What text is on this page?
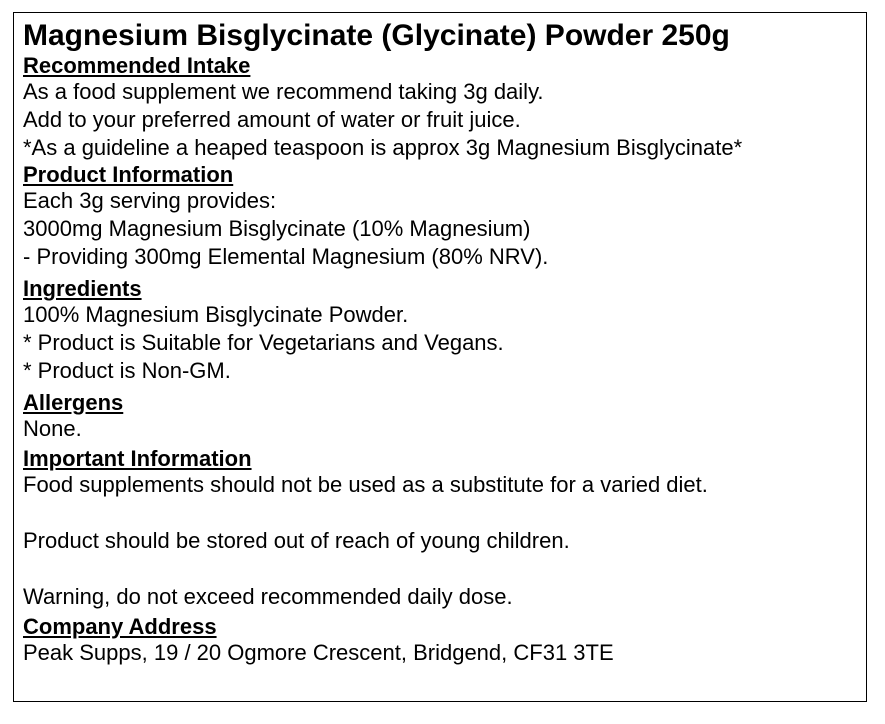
Magnesium Bisglycinate (Glycinate) Powder 250g
Recommended Intake

As a food supplement we recommend taking 3g daily.

Add to your preferred amount of water or fruit juice.

*As a guideline a heaped teaspoon is approx 3g Magnesium Bisglycinate*

Product Information

Each 3g serving provides:

3000mg Magnesium Bisglycinate (10% Magnesium)

- Providing 300mg Elemental Magnesium (80% NRV).

Ingredients

100% Magnesium Bisglycinate Powder.

* Product is Suitable for Vegetarians and Vegans.

* Product is Non-GM.

Allergens

None.

Important Information

Food supplements should not be used as a substitute for a varied diet.

Product should be stored out of reach of young children.

Warning, do not exceed recommended daily dose.

Company Address

Peak Supps, 19 / 20 Ogmore Crescent, Bridgend, CF31 3TE
